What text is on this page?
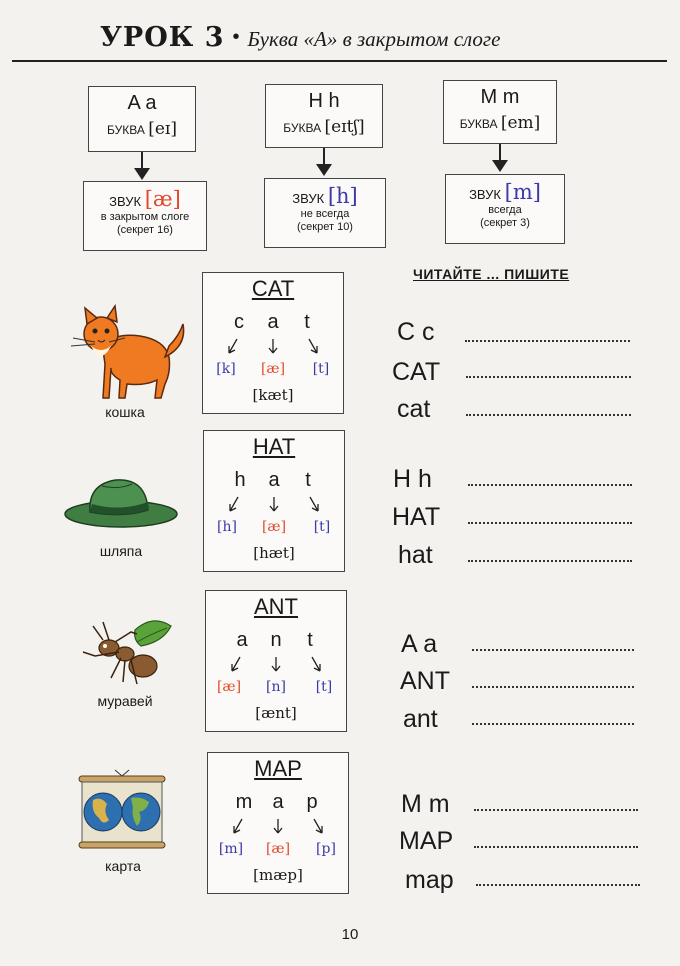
УРОК 3 • Буква «А» в закрытом слоге
A a
БУКВА [eɪ]
ЗВУК [æ]
в закрытом слоге
(секрет 16)
H h
БУКВА [eɪtʃ]
ЗВУК [h]
не всегда
(секрет 10)
M m
БУКВА [em]
ЗВУК [m]
всегда
(секрет 3)
ЧИТАЙТЕ ... ПИШИТЕ
кошка
CAT
c a	t
[k]	[æ]	[t]
[kæt]
C c
CAT
cat
шляпа
HAT
h a	t
[h]	[æ]	[t]
[hæt]
H h
HAT
hat
муравей
ANT
a n	t
[æ]	[n]	[t]
[ænt]
A a
ANT
ant
карта
MAP
m a p
[m] [æ]	[p]
[mæp]
M m
MAP
map
10
